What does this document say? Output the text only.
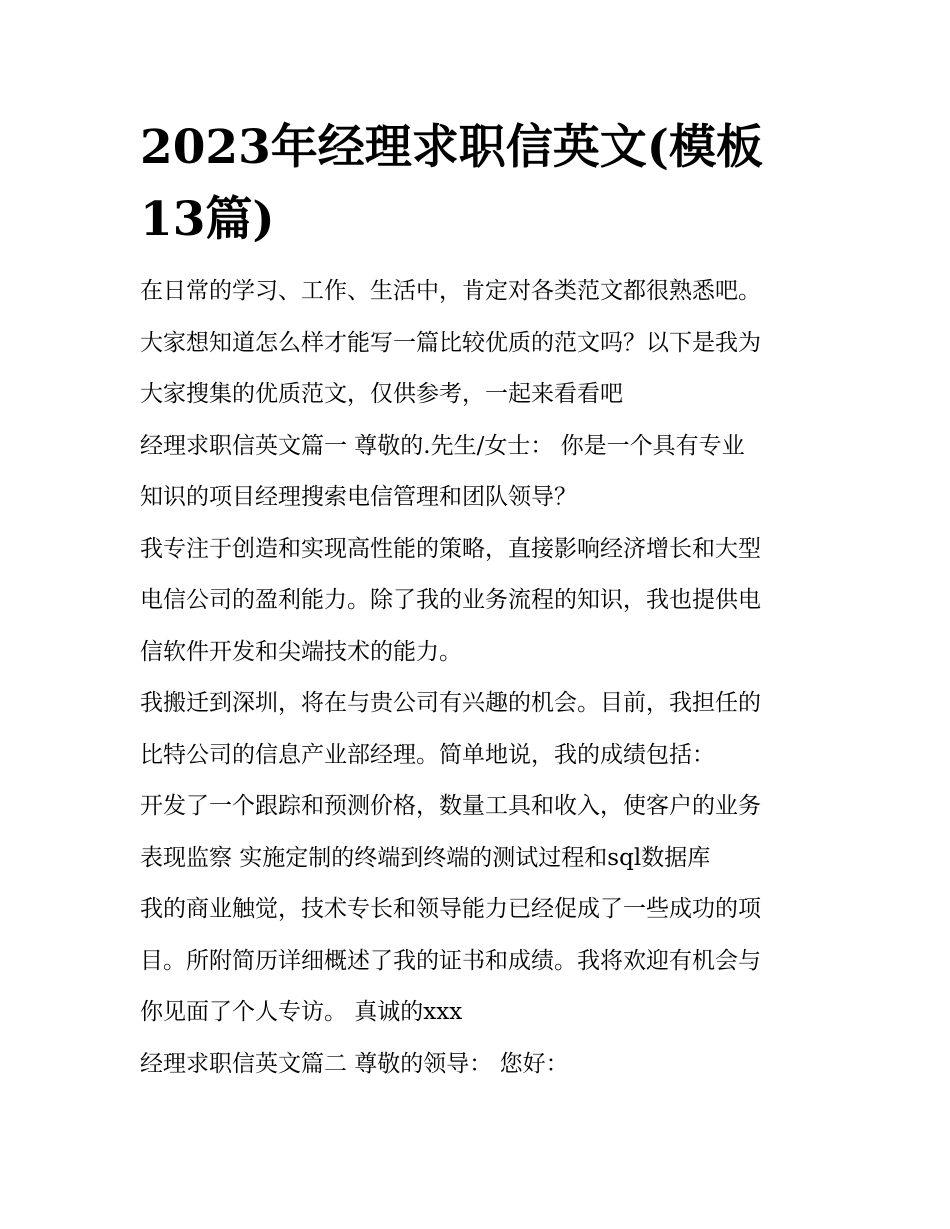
2023年经理求职信英文(模板
13篇)

在日常的学习、工作、生活中，肯定对各类范文都很熟悉吧。
大家想知道怎么样才能写一篇比较优质的范文吗？以下是我为
大家搜集的优质范文，仅供参考，一起来看看吧

经理求职信英文篇一 尊敬的.先生/女士： 你是一个具有专业
知识的项目经理搜索电信管理和团队领导？

我专注于创造和实现高性能的策略，直接影响经济增长和大型
电信公司的盈利能力。除了我的业务流程的知识，我也提供电
信软件开发和尖端技术的能力。

我搬迁到深圳，将在与贵公司有兴趣的机会。目前，我担任的
比特公司的信息产业部经理。简单地说，我的成绩包括：

开发了一个跟踪和预测价格，数量工具和收入，使客户的业务
表现监察 实施定制的终端到终端的测试过程和sql数据库

我的商业触觉，技术专长和领导能力已经促成了一些成功的项
目。所附简历详细概述了我的证书和成绩。我将欢迎有机会与
你见面了个人专访。 真诚的xxx

经理求职信英文篇二 尊敬的领导： 您好：
